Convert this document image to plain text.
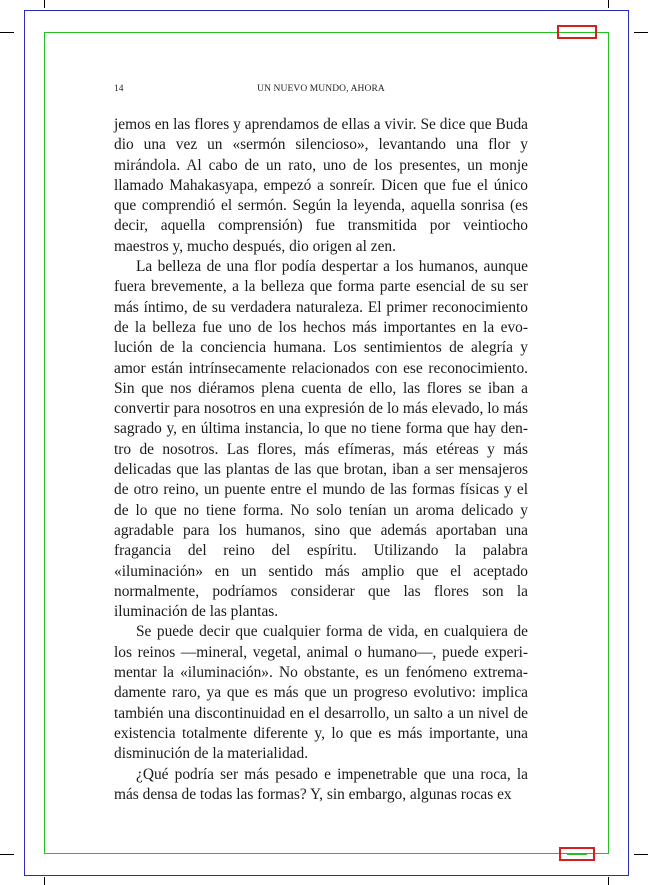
14	UN NUEVO MUNDO, AHORA

jemos en las flores y aprendamos de ellas a vivir. Se dice que Buda dio una vez un «sermón silencioso», levantando una flor y mirándola. Al cabo de un rato, uno de los presentes, un monje llamado Mahakasyapa, empezó a sonreír. Dicen que fue el único que comprendió el sermón. Según la leyenda, aquella sonrisa (es decir, aquella comprensión) fue transmitida por veintiocho maestros y, mucho después, dio origen al zen.

La belleza de una flor podía despertar a los humanos, aunque fuera brevemente, a la belleza que forma parte esencial de su ser más íntimo, de su verdadera naturaleza. El primer reconocimiento de la belleza fue uno de los hechos más importantes en la evolución de la conciencia humana. Los sentimientos de alegría y amor están intrínsecamente relacionados con ese reconocimiento. Sin que nos diéramos plena cuenta de ello, las flores se iban a convertir para nosotros en una expresión de lo más elevado, lo más sagrado y, en última instancia, lo que no tiene forma que hay dentro de nosotros. Las flores, más efímeras, más etéreas y más delicadas que las plantas de las que brotan, iban a ser mensajeros de otro reino, un puente entre el mundo de las formas físicas y el de lo que no tiene forma. No solo tenían un aroma delicado y agradable para los humanos, sino que además aportaban una fragancia del reino del espíritu. Utilizando la palabra «iluminación» en un sentido más amplio que el aceptado normalmente, podríamos considerar que las flores son la iluminación de las plantas.

Se puede decir que cualquier forma de vida, en cualquiera de los reinos —mineral, vegetal, animal o humano—, puede experimentar la «iluminación». No obstante, es un fenómeno extremadamente raro, ya que es más que un progreso evolutivo: implica también una discontinuidad en el desarrollo, un salto a un nivel de existencia totalmente diferente y, lo que es más importante, una disminución de la materialidad.

¿Qué podría ser más pesado e impenetrable que una roca, la más densa de todas las formas? Y, sin embargo, algunas rocas ex
